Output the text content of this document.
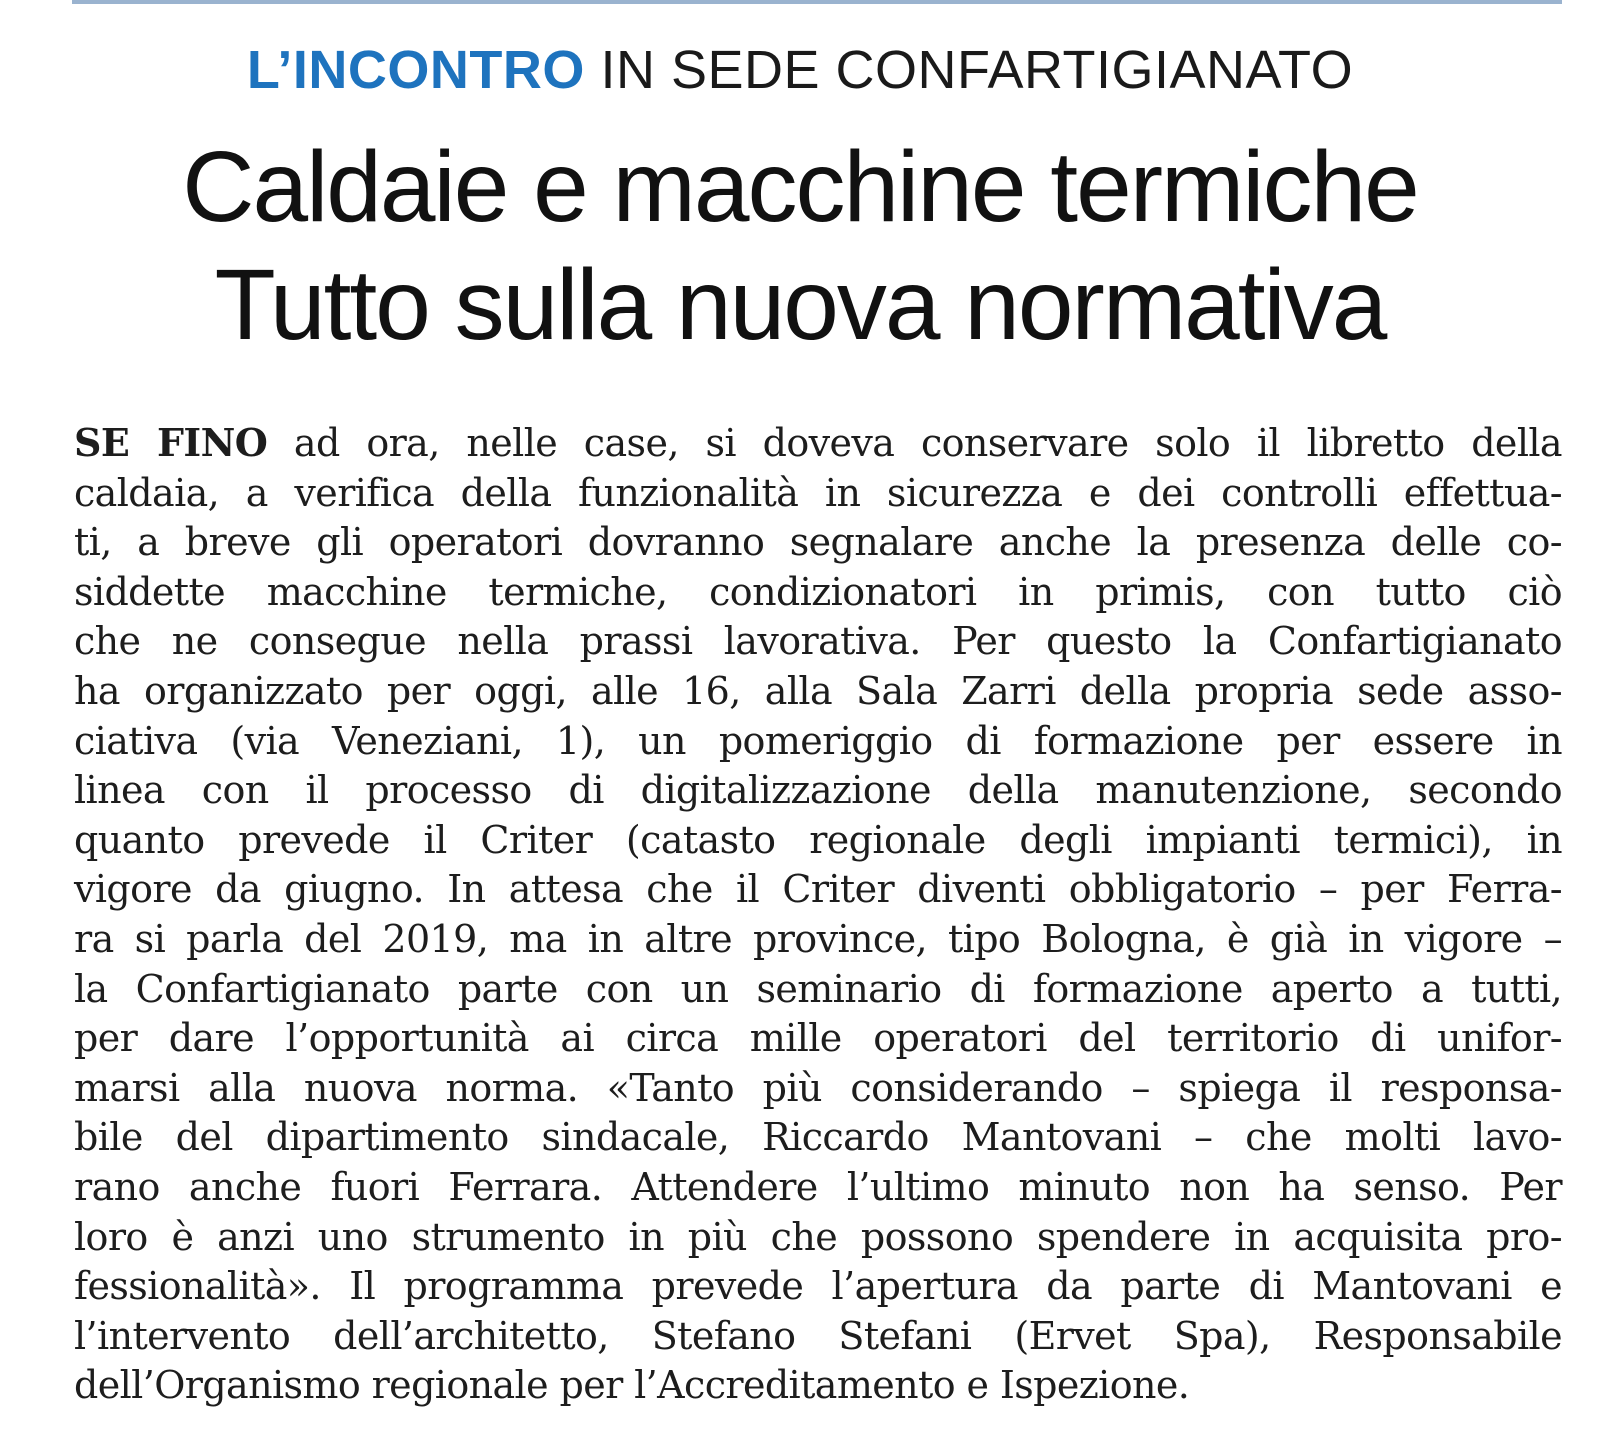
L’INCONTRO IN SEDE CONFARTIGIANATO
Caldaie e macchine termiche
Tutto sulla nuova normativa
SE FINO ad ora, nelle case, si doveva conservare solo il libretto della
caldaia, a verifica della funzionalità in sicurezza e dei controlli effettua-
ti, a breve gli operatori dovranno segnalare anche la presenza delle co-
siddette macchine termiche, condizionatori in primis, con tutto ciò
che ne consegue nella prassi lavorativa. Per questo la Confartigianato
ha organizzato per oggi, alle 16, alla Sala Zarri della propria sede asso-
ciativa (via Veneziani, 1), un pomeriggio di formazione per essere in
linea con il processo di digitalizzazione della manutenzione, secondo
quanto prevede il Criter (catasto regionale degli impianti termici), in
vigore da giugno. In attesa che il Criter diventi obbligatorio – per Ferra-
ra si parla del 2019, ma in altre province, tipo Bologna, è già in vigore –
la Confartigianato parte con un seminario di formazione aperto a tutti,
per dare l’opportunità ai circa mille operatori del territorio di unifor-
marsi alla nuova norma. «Tanto più considerando – spiega il responsa-
bile del dipartimento sindacale, Riccardo Mantovani – che molti lavo-
rano anche fuori Ferrara. Attendere l’ultimo minuto non ha senso. Per
loro è anzi uno strumento in più che possono spendere in acquisita pro-
fessionalità». Il programma prevede l’apertura da parte di Mantovani e
l’intervento dell’architetto, Stefano Stefani (Ervet Spa), Responsabile
dell’Organismo regionale per l’Accreditamento e Ispezione.
